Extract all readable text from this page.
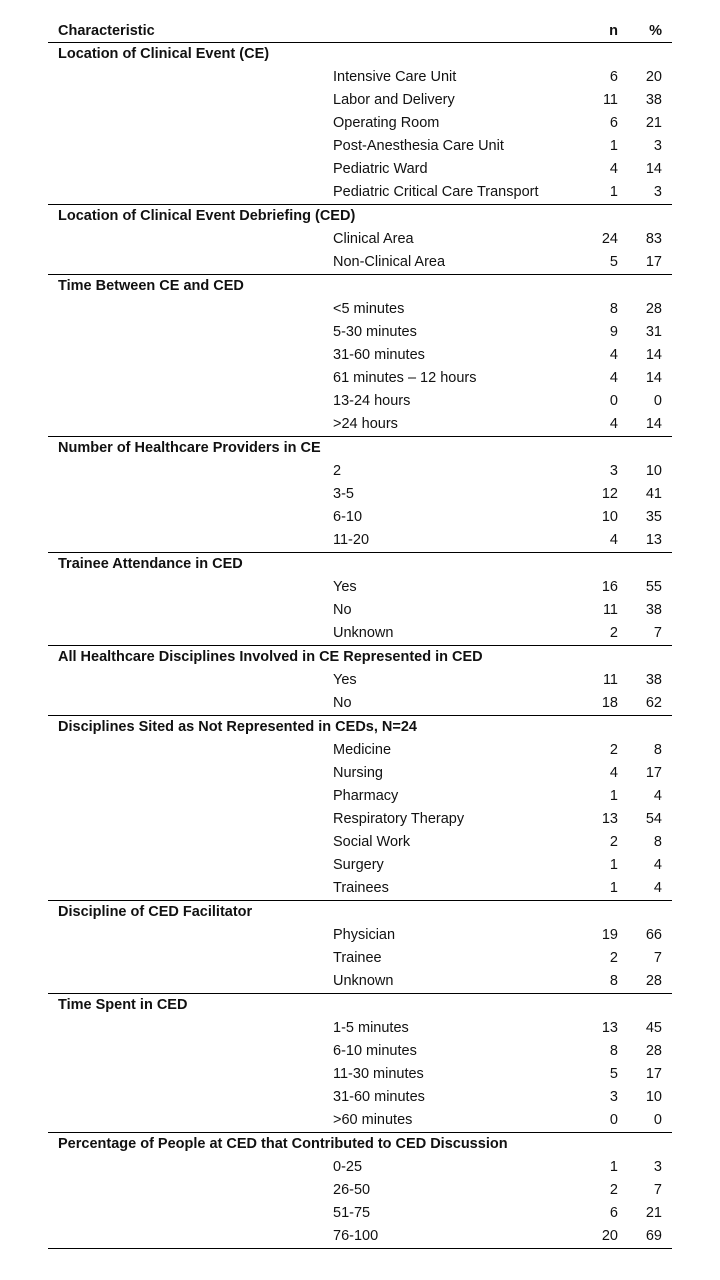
Characteristic	n %
Location of Clinical Event (CE)
Intensive Care Unit	6 20
Labor and Delivery	11 38
Operating Room	6 21
Post-Anesthesia Care Unit	1 3
Pediatric Ward	4 14
Pediatric Critical Care Transport	1 3
Location of Clinical Event Debriefing (CED)
Clinical Area	24 83
Non-Clinical Area	5 17
Time Between CE and CED
<5 minutes	8 28
5-30 minutes	9 31
31-60 minutes	4 14
61 minutes – 12 hours	4 14
13-24 hours	0 0
>24 hours	4 14
Number of Healthcare Providers in CE
2	3 10
3-5	12 41
6-10	10 35
11-20	4 13
Trainee Attendance in CED
Yes	16 55
No	11 38
Unknown	2 7
All Healthcare Disciplines Involved in CE Represented in CED
Yes	11 38
No	18 62
Disciplines Sited as Not Represented in CEDs, N=24
Medicine	2 8
Nursing	4 17
Pharmacy	1 4
Respiratory Therapy	13 54
Social Work	2 8
Surgery	1 4
Trainees	1 4
Discipline of CED Facilitator
Physician	19 66
Trainee	2 7
Unknown	8 28
Time Spent in CED
1-5 minutes	13 45
6-10 minutes	8 28
11-30 minutes	5 17
31-60 minutes	3 10
>60 minutes	0 0
Percentage of People at CED that Contributed to CED Discussion
0-25	1 3
26-50	2 7
51-75	6 21
76-100	20 69
